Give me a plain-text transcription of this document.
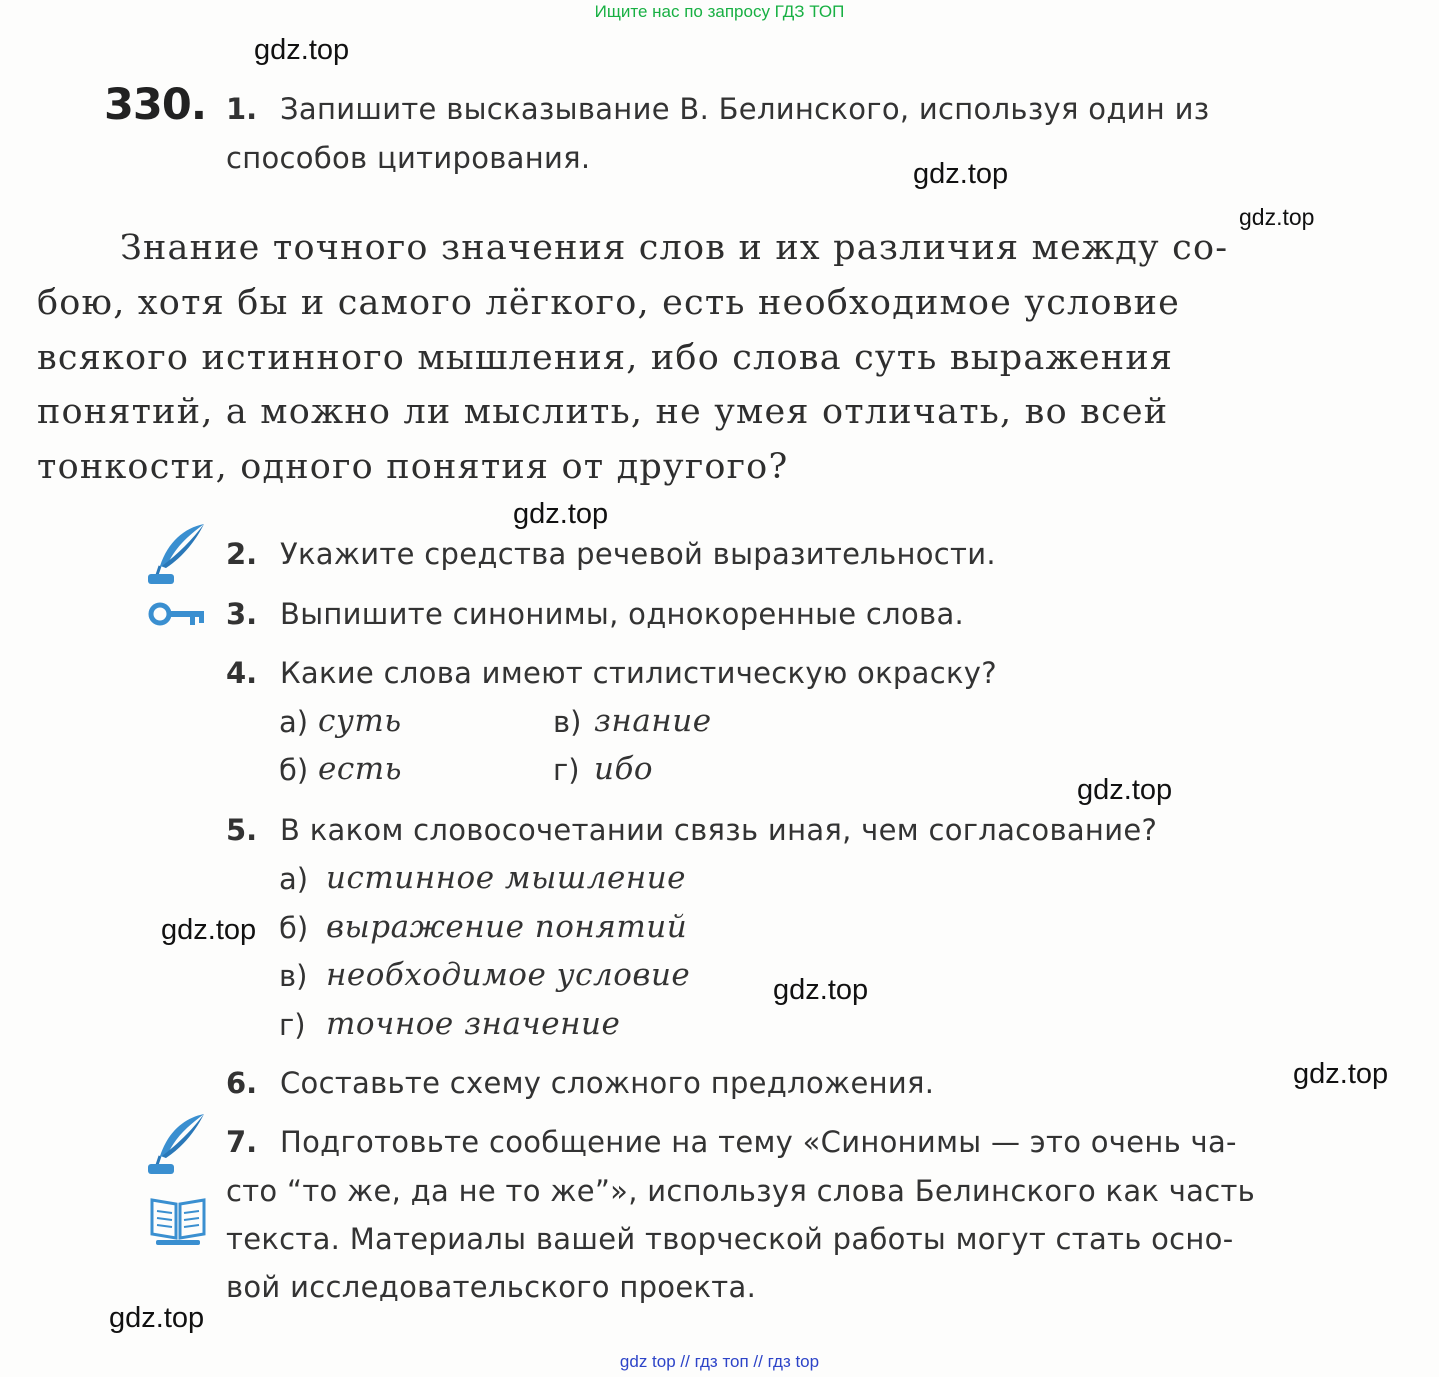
Ищите нас по запросу ГДЗ ТОП
gdz top // гдз топ // гдз top
gdz.top
gdz.top
gdz.top
gdz.top
gdz.top
gdz.top
gdz.top
gdz.top
gdz.top
330. 1. Запишите высказывание В. Белинского, используя один из
способов цитирования.
Знание точного значения слов и их различия между со-
бою, хотя бы и самого лёгкого, есть необходимое условие
всякого истинного мышления, ибо слова суть выражения
понятий, а можно ли мыслить, не умея отличать, во всей
тонкости, одного понятия от другого?
2. Укажите средства речевой выразительности.
3. Выпишите синонимы, однокоренные слова.
4. Какие слова имеют стилистическую окраску?
а) суть
б) есть
в) знание
г) ибо
5. В каком словосочетании связь иная, чем согласование?
а) истинное мышление
б) выражение понятий
в) необходимое условие
г) точное значение
6. Составьте схему сложного предложения.
7. Подготовьте сообщение на тему «Синонимы — это очень ча-
сто “то же, да не то же”», используя слова Белинского как часть
текста. Материалы вашей творческой работы могут стать осно-
вой исследовательского проекта.
